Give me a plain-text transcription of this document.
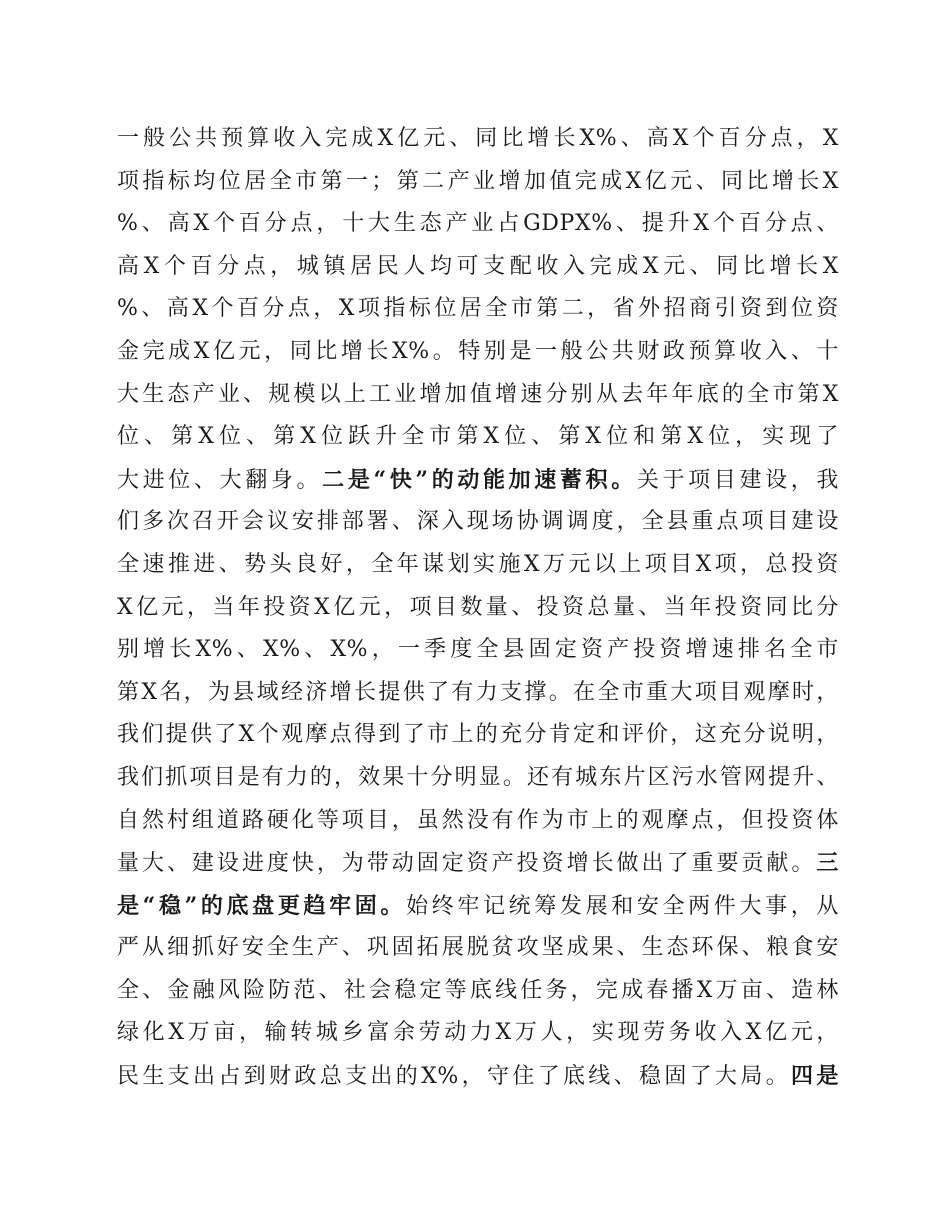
一般公共预算收入完成X亿元、同比增长X%、高X个百分点，X
项指标均位居全市第一；第二产业增加值完成X亿元、同比增长X
%、高X个百分点，十大生态产业占GDPX%、提升X个百分点、
高X个百分点，城镇居民人均可支配收入完成X元、同比增长X
%、高X个百分点，X项指标位居全市第二，省外招商引资到位资
金完成X亿元，同比增长X%。特别是一般公共财政预算收入、十
大生态产业、规模以上工业增加值增速分别从去年年底的全市第X
位、第X位、第X位跃升全市第X位、第X位和第X位，实现了
大进位、大翻身。二是“快”的动能加速蓄积。关于项目建设，我
们多次召开会议安排部署、深入现场协调调度，全县重点项目建设
全速推进、势头良好，全年谋划实施X万元以上项目X项，总投资
X亿元，当年投资X亿元，项目数量、投资总量、当年投资同比分
别增长X%、X%、X%，一季度全县固定资产投资增速排名全市
第X名，为县域经济增长提供了有力支撑。在全市重大项目观摩时，
我们提供了X个观摩点得到了市上的充分肯定和评价，这充分说明，
我们抓项目是有力的，效果十分明显。还有城东片区污水管网提升、
自然村组道路硬化等项目，虽然没有作为市上的观摩点，但投资体
量大、建设进度快，为带动固定资产投资增长做出了重要贡献。三
是“稳”的底盘更趋牢固。始终牢记统筹发展和安全两件大事，从
严从细抓好安全生产、巩固拓展脱贫攻坚成果、生态环保、粮食安
全、金融风险防范、社会稳定等底线任务，完成春播X万亩、造林
绿化X万亩，输转城乡富余劳动力X万人，实现劳务收入X亿元，
民生支出占到财政总支出的X%，守住了底线、稳固了大局。四是
